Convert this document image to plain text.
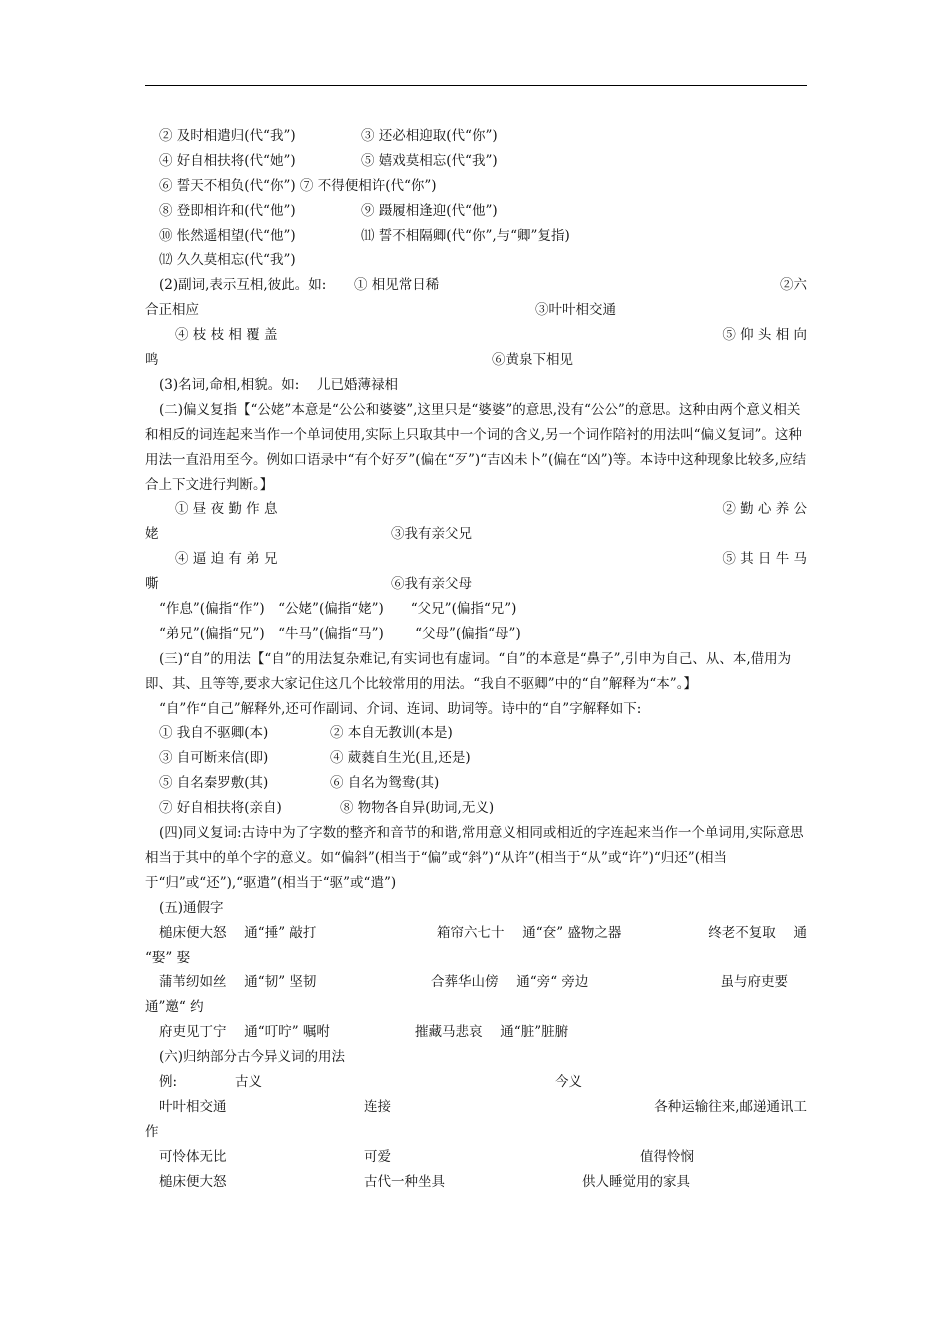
② 及时相遣归(代“我”)	③ 还必相迎取(代“你”)
④ 好自相扶将(代“她”)	⑤ 嬉戏莫相忘(代“我”)
⑥ 誓天不相负(代“你”) ⑦ 不得便相许(代“你”)
⑧ 登即相许和(代“他”)	⑨ 蹑履相逢迎(代“他”)
⑩ 怅然遥相望(代“他”)	⑾ 誓不相隔卿(代“你”,与“卿”复指)
⑿ 久久莫相忘(代“我”)
(2)副词,表示互相,彼此。如: ① 相见常日稀	②六
合正相应	③叶叶相交通
④ 枝 枝 相 覆 盖	⑤ 仰 头 相 向
鸣	⑥黄泉下相见
(3)名词,命相,相貌。如:　 儿已婚薄禄相
(二)偏义复指【“公姥”本意是“公公和婆婆”,这里只是“婆婆”的意思,没有“公公”的意思。这种由两个意义相关和相反的词连起来当作一个单词使用,实际上只取其中一个词的含义,另一个词作陪衬的用法叫“偏义复词”。这种用法一直沿用至今。例如口语录中“有个好歹”(偏在“歹”)“吉凶未卜”(偏在“凶”)等。本诗中这种现象比较多,应结合上下文进行判断。】
① 昼 夜 勤 作 息	② 勤 心 养 公
姥	③我有亲父兄
④ 逼 迫 有 弟 兄	⑤ 其 日 牛 马
嘶	⑥我有亲父母
“作息”(偏指“作”)　“公姥”(偏指“姥”)　　“父兄”(偏指“兄”)
“弟兄”(偏指“兄”)　“牛马”(偏指“马”)　　 “父母”(偏指“母”)
(三)“自”的用法【“自”的用法复杂难记,有实词也有虚词。“自”的本意是“鼻子”,引申为自己、从、本,借用为即、其、且等等,要求大家记住这几个比较常用的用法。“我自不驱卿”中的“自”解释为“本”。】
“自”作“自己”解释外,还可作副词、介词、连词、助词等。诗中的“自”字解释如下:
① 我自不驱卿(本)	② 本自无教训(本是)
③ 自可断来信(即)	④ 葳蕤自生光(且,还是)
⑤ 自名秦罗敷(其)	⑥ 自名为鸳鸯(其)
⑦ 好自相扶将(亲自)	⑧ 物物各自异(助词,无义)
(四)同义复词:古诗中为了字数的整齐和音节的和谐,常用意义相同或相近的字连起来当作一个单词用,实际意思相当于其中的单个字的意义。如“偏斜”(相当于“偏”或“斜”)“从许”(相当于“从”或“许”)“归还”(相当于“归”或“还”),“驱遣”(相当于“驱”或“遣”)
(五)通假字
槌床便大怒　 通“捶” 敲打	箱帘六七十　 通“奁” 盛物之器	终老不复取　 通
“娶” 娶
蒲苇纫如丝　 通“韧” 坚韧	合葬华山傍　 通“旁“ 旁边	虽与府吏要
通”邀“ 约
府吏见丁宁　 通“叮咛” 嘱咐	摧藏马悲哀　 通“脏”脏腑
(六)归纳部分古今异义词的用法
例:	古义	今义
叶叶相交通	连接	各种运输往来,邮递通讯工
作
可怜体无比	可爱	值得怜悯
槌床便大怒	古代一种坐具	供人睡觉用的家具
